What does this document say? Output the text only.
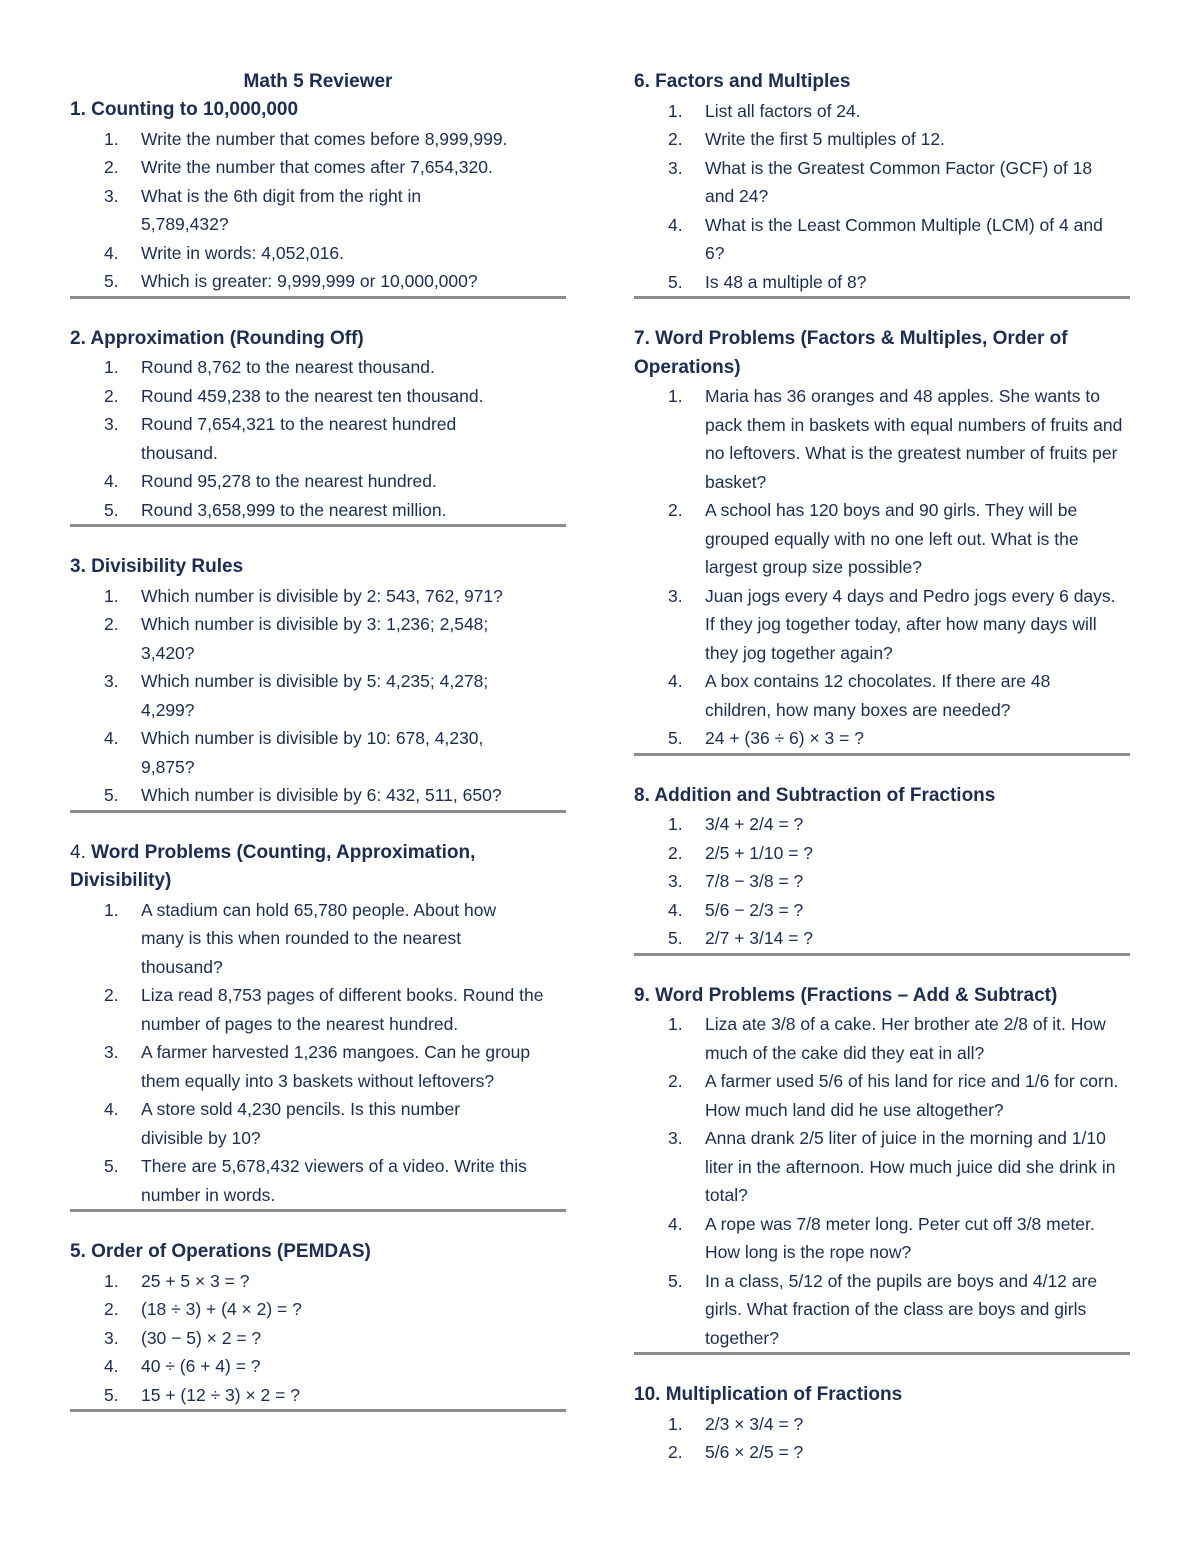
Math 5 Reviewer
1. Counting to 10,000,000
1.	Write the number that comes before 8,999,999.
2.	Write the number that comes after 7,654,320.
3.	What is the 6th digit from the right in 5,789,432?
4.	Write in words: 4,052,016.
5.	Which is greater: 9,999,999 or 10,000,000?
2. Approximation (Rounding Off)
1.	Round 8,762 to the nearest thousand.
2.	Round 459,238 to the nearest ten thousand.
3.	Round 7,654,321 to the nearest hundred thousand.
4.	Round 95,278 to the nearest hundred.
5.	Round 3,658,999 to the nearest million.
3. Divisibility Rules
1.	Which number is divisible by 2: 543, 762, 971?
2.	Which number is divisible by 3: 1,236; 2,548; 3,420?
3.	Which number is divisible by 5: 4,235; 4,278; 4,299?
4.	Which number is divisible by 10: 678, 4,230, 9,875?
5.	Which number is divisible by 6: 432, 511, 650?
4. Word Problems (Counting, Approximation, Divisibility)
1.	A stadium can hold 65,780 people. About how many is this when rounded to the nearest thousand?
2.	Liza read 8,753 pages of different books. Round the number of pages to the nearest hundred.
3.	A farmer harvested 1,236 mangoes. Can he group them equally into 3 baskets without leftovers?
4.	A store sold 4,230 pencils. Is this number divisible by 10?
5.	There are 5,678,432 viewers of a video. Write this number in words.
5. Order of Operations (PEMDAS)
1.	25 + 5 × 3 = ?
2.	(18 ÷ 3) + (4 × 2) = ?
3.	(30 − 5) × 2 = ?
4.	40 ÷ (6 + 4) = ?
5.	15 + (12 ÷ 3) × 2 = ?
6. Factors and Multiples
1.	List all factors of 24.
2.	Write the first 5 multiples of 12.
3.	What is the Greatest Common Factor (GCF) of 18 and 24?
4.	What is the Least Common Multiple (LCM) of 4 and 6?
5.	Is 48 a multiple of 8?
7. Word Problems (Factors & Multiples, Order of Operations)
1.	Maria has 36 oranges and 48 apples. She wants to pack them in baskets with equal numbers of fruits and no leftovers. What is the greatest number of fruits per basket?
2.	A school has 120 boys and 90 girls. They will be grouped equally with no one left out. What is the largest group size possible?
3.	Juan jogs every 4 days and Pedro jogs every 6 days. If they jog together today, after how many days will they jog together again?
4.	A box contains 12 chocolates. If there are 48 children, how many boxes are needed?
5.	24 + (36 ÷ 6) × 3 = ?
8. Addition and Subtraction of Fractions
1.	3/4 + 2/4 = ?
2.	2/5 + 1/10 = ?
3.	7/8 − 3/8 = ?
4.	5/6 − 2/3 = ?
5.	2/7 + 3/14 = ?
9. Word Problems (Fractions – Add & Subtract)
1.	Liza ate 3/8 of a cake. Her brother ate 2/8 of it. How much of the cake did they eat in all?
2.	A farmer used 5/6 of his land for rice and 1/6 for corn. How much land did he use altogether?
3.	Anna drank 2/5 liter of juice in the morning and 1/10 liter in the afternoon. How much juice did she drink in total?
4.	A rope was 7/8 meter long. Peter cut off 3/8 meter. How long is the rope now?
5.	In a class, 5/12 of the pupils are boys and 4/12 are girls. What fraction of the class are boys and girls together?
10. Multiplication of Fractions
1.	2/3 × 3/4 = ?
2.	5/6 × 2/5 = ?
